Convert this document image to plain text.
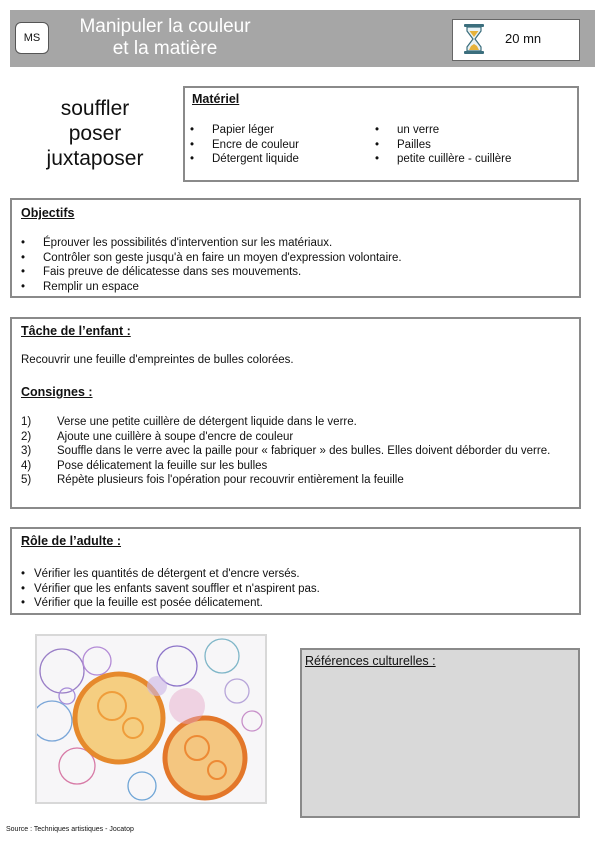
MS
Manipuler la couleur
et la matière	20 mn
souffler
poser
juxtaposer
Matériel
• Papier léger
• Encre de couleur
• Détergent liquide
• un verre
• Pailles
• petite cuillère - cuillère
Objectifs
• Éprouver les possibilités d'intervention sur les matériaux.
• Contrôler son geste jusqu'à en faire un moyen d'expression volontaire.
• Fais preuve de délicatesse dans ses mouvements.
• Remplir un espace
Tâche de l’enfant :
Recouvrir une feuille d'empreintes de bulles colorées.
Consignes :
1) Verse une petite cuillère de détergent liquide dans le verre.
2) Ajoute une cuillère à soupe d'encre de couleur
3) Souffle dans le verre avec la paille pour « fabriquer » des bulles. Elles doivent déborder du verre.
4) Pose délicatement la feuille sur les bulles
5) Répète plusieurs fois l'opération pour recouvrir entièrement la feuille
Rôle de l’adulte :
• Vérifier les quantités de détergent et d'encre versés.
• Vérifier que les enfants savent souffler et n'aspirent pas.
• Vérifier que la feuille est posée délicatement.
Références culturelles :
Source : Techniques artistiques - Jocatop
